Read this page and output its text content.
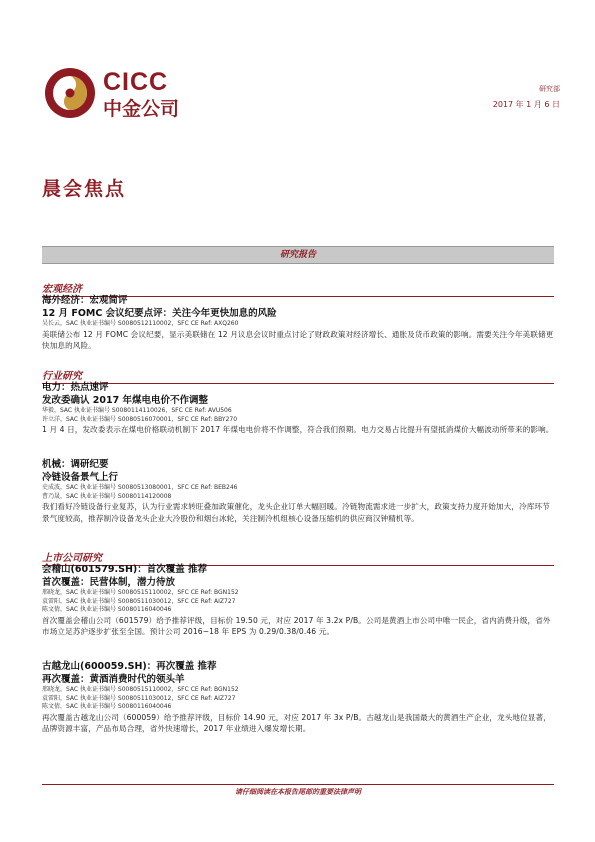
CICC
中金公司
研究部
2017 年 1 月 6 日
晨会焦点
研究报告
宏观经济
海外经济：宏观简评
12 月 FOMC 会议纪要点评：关注今年更快加息的风险
吴长云，SAC 执业证书编号 S0080512110002，SFC CE Ref: AXQ260
美联储公布 12 月 FOMC 会议纪要，显示美联储在 12 月议息会议时重点讨论了财政政策对经济增长、通胀及货币政策的影响。需要关注今年美联储更快加息的风险。
行业研究
电力：热点速评
发改委确认 2017 年煤电电价不作调整
华毅，SAC 执业证书编号 S0080114110026，SFC CE Ref: AVU506
许立洋，SAC 执业证书编号 S0080516070001，SFC CE Ref: BBY270
1 月 4 日，发改委表示在煤电价格联动机制下 2017 年煤电电价将不作调整，符合我们预期。电力交易占比提升有望抵消煤价大幅波动所带来的影响。
机械：调研纪要
冷链设备景气上行
史成波，SAC 执业证书编号 S0080513080001，SFC CE Ref: BEB246
曹乃晟，SAC 执业证书编号 S0080114120008
我们看好冷链设备行业复苏，认为行业需求转旺叠加政策催化，龙头企业订单大幅回暖。冷链物流需求进一步扩大，政策支持力度开始加大，冷库环节景气度较高，推荐制冷设备龙头企业大冷股份和烟台冰轮，关注制冷机组核心设备压缩机的供应商汉钟精机等。
上市公司研究
会稽山(601579.SH)：首次覆盖 推荐
首次覆盖：民营体制，潜力待放
邢晓龙，SAC 执业证书编号 S0080515110002，SFC CE Ref: BGN152
袁雷阳，SAC 执业证书编号 S0080511030012，SFC CE Ref: AIZ727
陈文倩，SAC 执业证书编号 S0080116040046
首次覆盖会稽山公司（601579）给予推荐评级，目标价 19.50 元，对应 2017 年 3.2x P/B。公司是黄酒上市公司中唯一民企，省内消费升级，省外市场立足苏沪逐步扩张至全国。预计公司 2016~18 年 EPS 为 0.29/0.38/0.46 元。
古越龙山(600059.SH)：再次覆盖 推荐
再次覆盖：黄酒消费时代的领头羊
邢晓龙，SAC 执业证书编号 S0080515110002，SFC CE Ref: BGN152
袁雷阳，SAC 执业证书编号 S0080511030012，SFC CE Ref: AIZ727
陈文倩，SAC 执业证书编号 S0080116040046
再次覆盖古越龙山公司（600059）给予推荐评级，目标价 14.90 元，对应 2017 年 3x P/B。古越龙山是我国最大的黄酒生产企业，龙头地位显著，品牌资源丰富，产品布局合理，省外快速增长，2017 年业绩进入爆发增长期。
请仔细阅读在本报告尾部的重要法律声明
